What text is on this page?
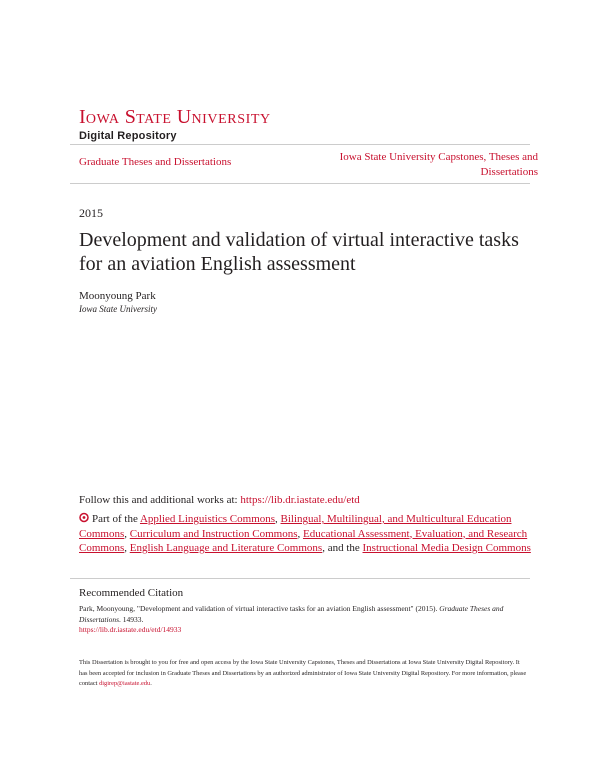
IOWA STATE UNIVERSITY
Digital Repository
Graduate Theses and Dissertations	Iowa State University Capstones, Theses and Dissertations
2015
Development and validation of virtual interactive tasks for an aviation English assessment
Moonyoung Park
Iowa State University
Follow this and additional works at: https://lib.dr.iastate.edu/etd
Part of the Applied Linguistics Commons, Bilingual, Multilingual, and Multicultural Education Commons, Curriculum and Instruction Commons, Educational Assessment, Evaluation, and Research Commons, English Language and Literature Commons, and the Instructional Media Design Commons
Recommended Citation
Park, Moonyoung, "Development and validation of virtual interactive tasks for an aviation English assessment" (2015). Graduate Theses and Dissertations. 14933.
https://lib.dr.iastate.edu/etd/14933
This Dissertation is brought to you for free and open access by the Iowa State University Capstones, Theses and Dissertations at Iowa State University Digital Repository. It has been accepted for inclusion in Graduate Theses and Dissertations by an authorized administrator of Iowa State University Digital Repository. For more information, please contact digirep@iastate.edu.
